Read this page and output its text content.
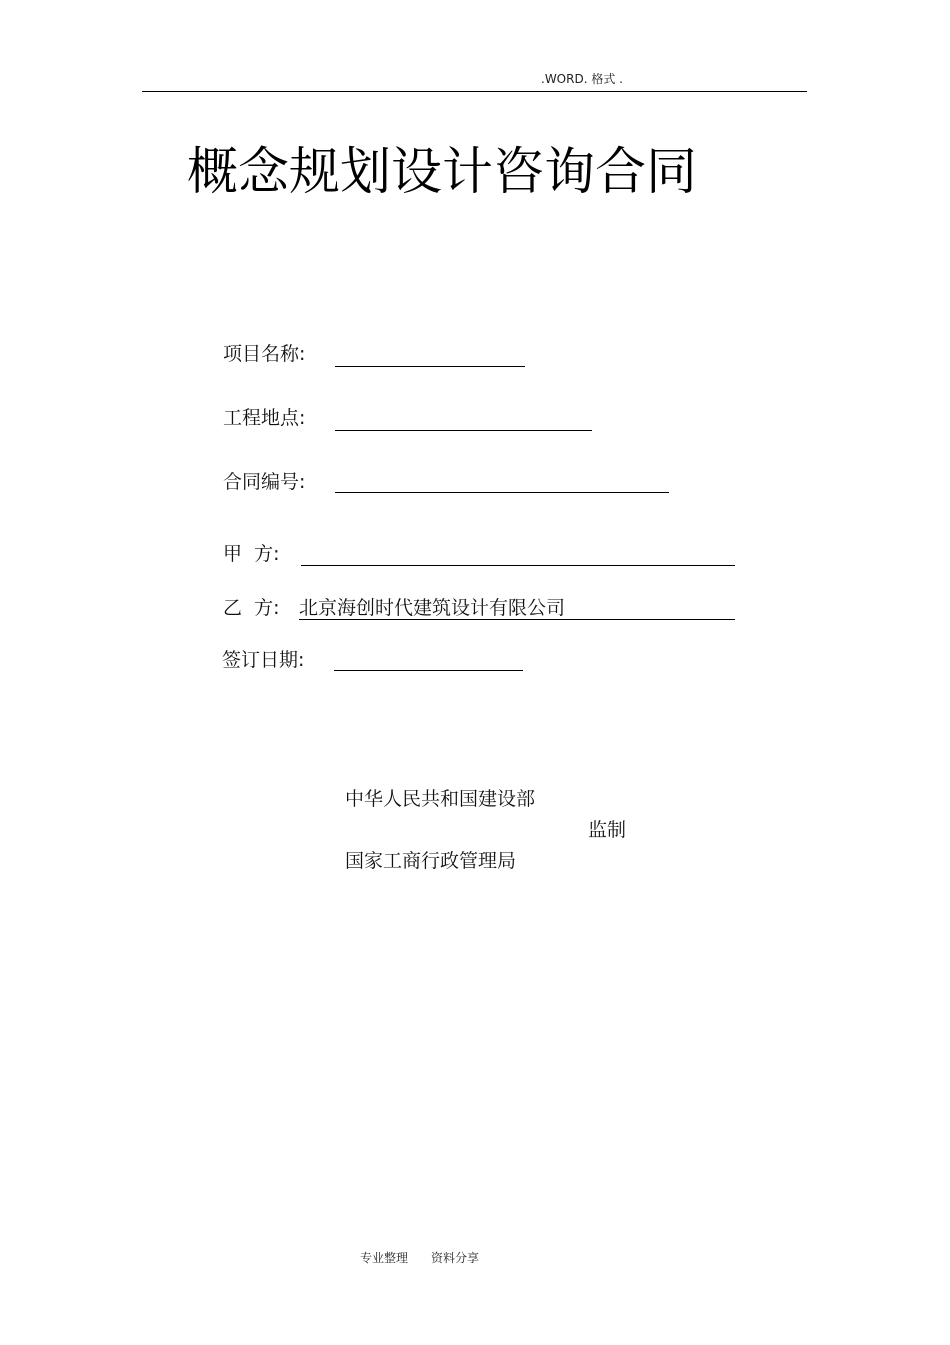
.WORD. 格式 .
概念规划设计咨询合同
项目名称:
工程地点:
合同编号:
甲  方:
乙  方: 北京海创时代建筑设计有限公司
签订日期:
中华人民共和国建设部
监制
国家工商行政管理局
专业整理 资料分享
